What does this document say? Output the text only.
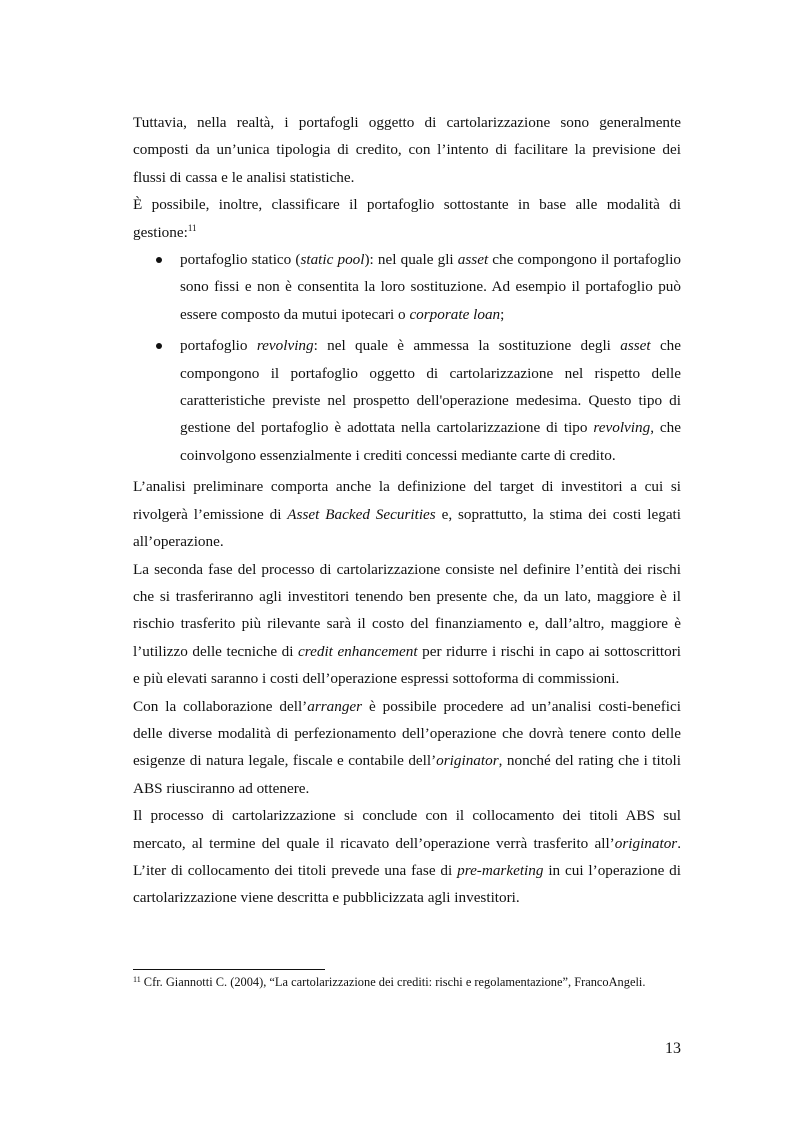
Tuttavia, nella realtà, i portafogli oggetto di cartolarizzazione sono generalmente composti da un’unica tipologia di credito, con l’intento di facilitare la previsione dei flussi di cassa e le analisi statistiche.

È possibile, inoltre, classificare il portafoglio sottostante in base alle modalità di gestione:$^{11}$

portafoglio statico (static pool): nel quale gli asset che compongono il portafoglio sono fissi e non è consentita la loro sostituzione. Ad esempio il portafoglio può essere composto da mutui ipotecari o corporate loan;
portafoglio revolving: nel quale è ammessa la sostituzione degli asset che compongono il portafoglio oggetto di cartolarizzazione nel rispetto delle caratteristiche previste nel prospetto dell'operazione medesima. Questo tipo di gestione del portafoglio è adottata nella cartolarizzazione di tipo revolving, che coinvolgono essenzialmente i crediti concessi mediante carte di credito.

L’analisi preliminare comporta anche la definizione del target di investitori a cui si rivolgerà l’emissione di Asset Backed Securities e, soprattutto, la stima dei costi legati all’operazione.

La seconda fase del processo di cartolarizzazione consiste nel definire l’entità dei rischi che si trasferiranno agli investitori tenendo ben presente che, da un lato, maggiore è il rischio trasferito più rilevante sarà il costo del finanziamento e, dall’altro, maggiore è l’utilizzo delle tecniche di credit enhancement per ridurre i rischi in capo ai sottoscrittori e più elevati saranno i costi dell’operazione espressi sottoforma di commissioni.

Con la collaborazione dell’arranger è possibile procedere ad un’analisi costi-benefici delle diverse modalità di perfezionamento dell’operazione che dovrà tenere conto delle esigenze di natura legale, fiscale e contabile dell’originator, nonché del rating che i titoli ABS riusciranno ad ottenere.

Il processo di cartolarizzazione si conclude con il collocamento dei titoli ABS sul mercato, al termine del quale il ricavato dell’operazione verrà trasferito all’originator. L’iter di collocamento dei titoli prevede una fase di pre-marketing in cui l’operazione di cartolarizzazione viene descritta e pubblicizzata agli investitori.

$^{11}$ Cfr. Giannotti C. (2004), “La cartolarizzazione dei crediti: rischi e regolamentazione”, FrancoAngeli.

13
